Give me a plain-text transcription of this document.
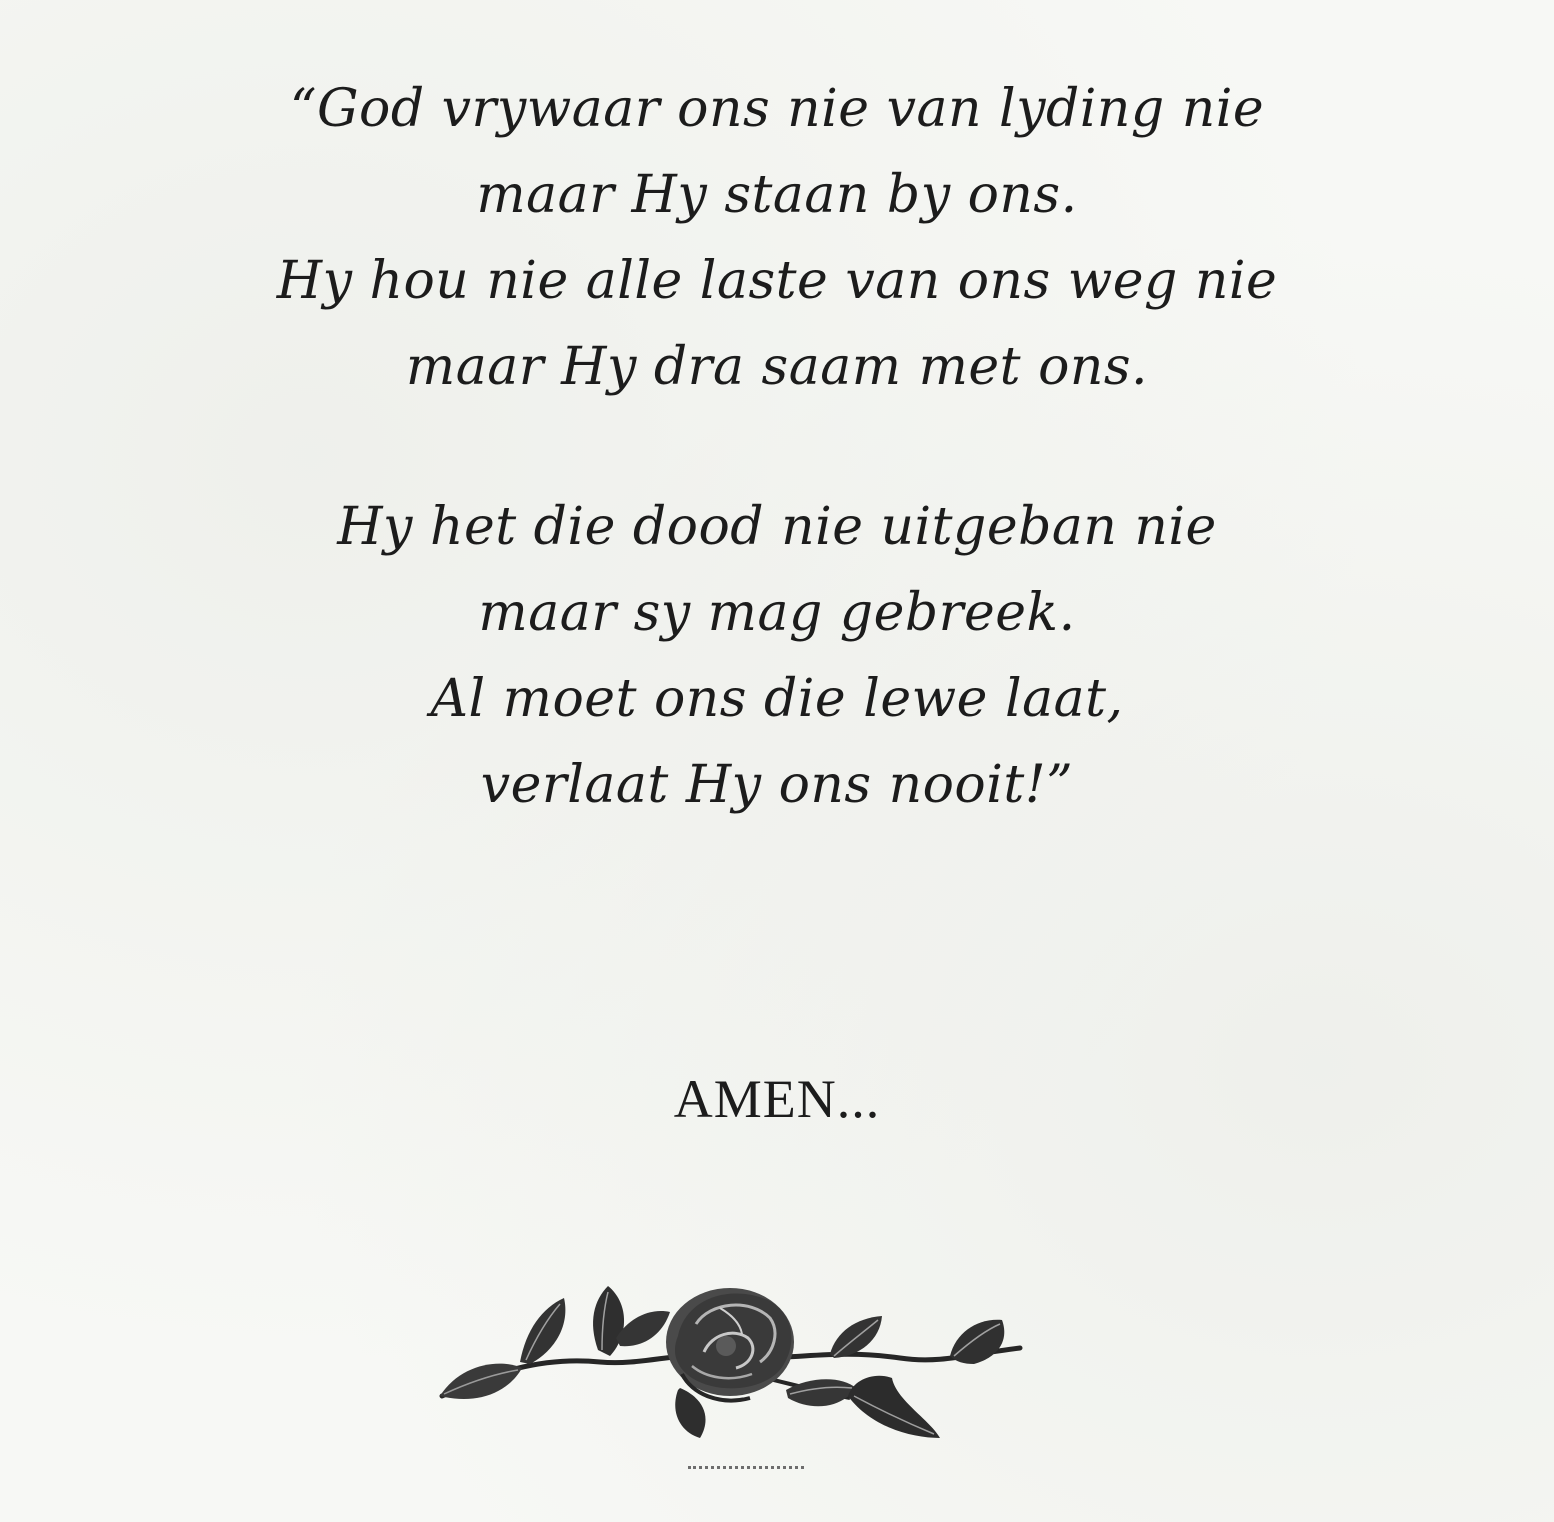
“God vrywaar ons nie van lyding nie
maar Hy staan by ons.
Hy hou nie alle laste van ons weg nie
maar Hy dra saam met ons.
Hy het die dood nie uitgeban nie
maar sy mag gebreek.
Al moet ons die lewe laat,
verlaat Hy ons nooit!”
AMEN...
